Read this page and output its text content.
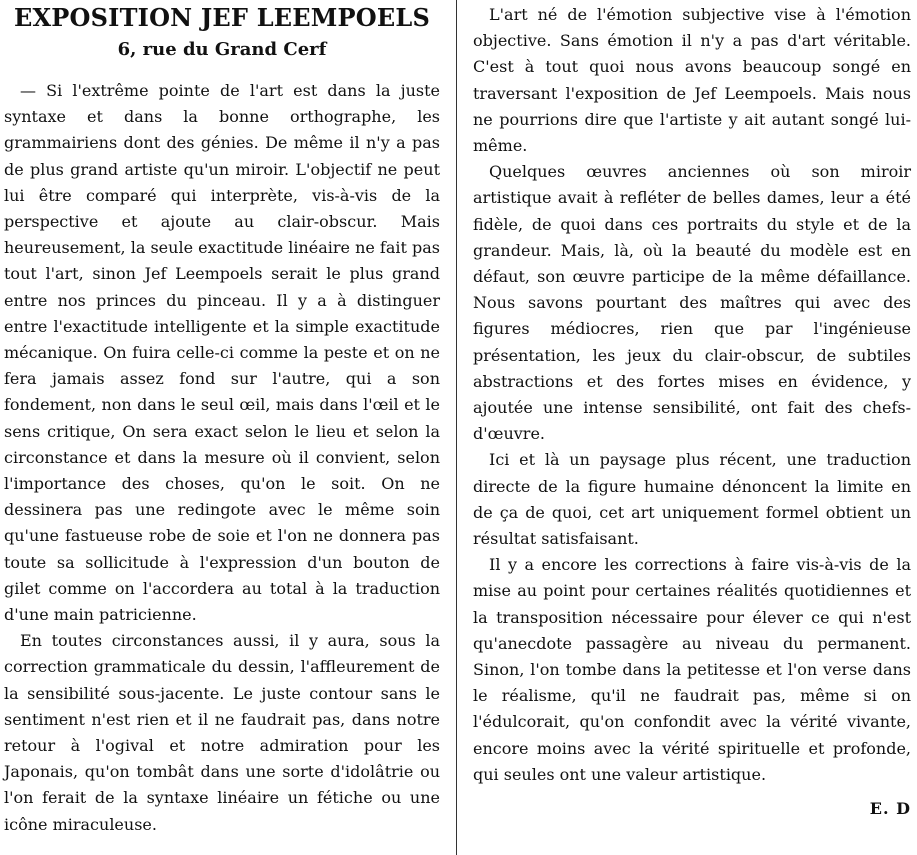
EXPOSITION JEF LEEMPOELS
6, rue du Grand Cerf

— Si l'extrême pointe de l'art est dans la juste syntaxe et dans la bonne orthographe, les grammairiens dont des génies. De même il n'y a pas de plus grand artiste qu'un miroir. L'objectif ne peut lui être comparé qui interprète, vis-à-vis de la perspective et ajoute au clair-obscur. Mais heureusement, la seule exactitude linéaire ne fait pas tout l'art, sinon Jef Leempoels serait le plus grand entre nos princes du pinceau. Il y a à distinguer entre l'exactitude intelligente et la simple exactitude mécanique. On fuira celle-ci comme la peste et on ne fera jamais assez fond sur l'autre, qui a son fondement, non dans le seul œil, mais dans l'œil et le sens critique, On sera exact selon le lieu et selon la circonstance et dans la mesure où il convient, selon l'importance des choses, qu'on le soit. On ne dessinera pas une redingote avec le même soin qu'une fastueuse robe de soie et l'on ne donnera pas toute sa sollicitude à l'expression d'un bouton de gilet comme on l'accordera au total à la traduction d'une main patricienne.

En toutes circonstances aussi, il y aura, sous la correction grammaticale du dessin, l'affleurement de la sensibilité sous-jacente. Le juste contour sans le sentiment n'est rien et il ne faudrait pas, dans notre retour à l'ogival et notre admiration pour les Japonais, qu'on tombât dans une sorte d'idolâtrie ou l'on ferait de la syntaxe linéaire un fétiche ou une icône miraculeuse.

L'art né de l'émotion subjective vise à l'émotion objective. Sans émotion il n'y a pas d'art véritable. C'est à tout quoi nous avons beaucoup songé en traversant l'exposition de Jef Leempoels. Mais nous ne pourrions dire que l'artiste y ait autant songé lui-même.

Quelques œuvres anciennes où son miroir artistique avait à refléter de belles dames, leur a été fidèle, de quoi dans ces portraits du style et de la grandeur. Mais, là, où la beauté du modèle est en défaut, son œuvre participe de la même défaillance. Nous savons pourtant des maîtres qui avec des figures médiocres, rien que par l'ingénieuse présentation, les jeux du clair-obscur, de subtiles abstractions et des fortes mises en évidence, y ajoutée une intense sensibilité, ont fait des chefs-d'œuvre.

Ici et là un paysage plus récent, une traduction directe de la figure humaine dénoncent la limite en de ça de quoi, cet art uniquement formel obtient un résultat satisfaisant.

Il y a encore les corrections à faire vis-à-vis de la mise au point pour certaines réalités quotidiennes et la transposition nécessaire pour élever ce qui n'est qu'anecdote passagère au niveau du permanent. Sinon, l'on tombe dans la petitesse et l'on verse dans le réalisme, qu'il ne faudrait pas, même si on l'édulcorait, qu'on confondit avec la vérité vivante, encore moins avec la vérité spirituelle et profonde, qui seules ont une valeur artistique.

E. D
